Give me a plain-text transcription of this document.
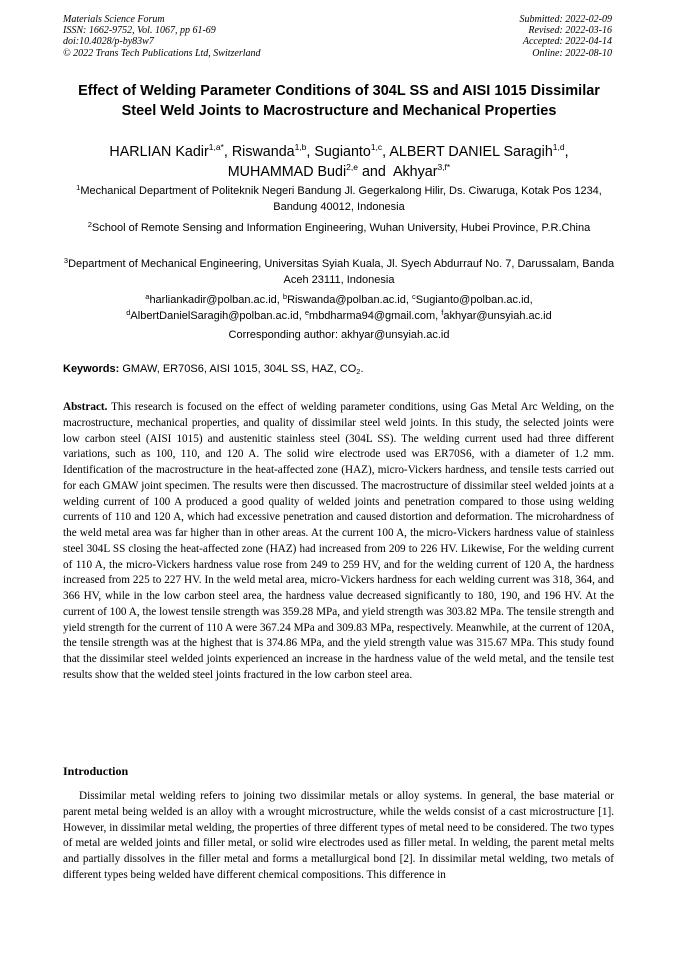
Materials Science Forum
ISSN: 1662-9752, Vol. 1067, pp 61-69
doi:10.4028/p-by83w7
© 2022 Trans Tech Publications Ltd, Switzerland
Submitted: 2022-02-09
Revised: 2022-03-16
Accepted: 2022-04-14
Online: 2022-08-10
Effect of Welding Parameter Conditions of 304L SS and AISI 1015 Dissimilar Steel Weld Joints to Macrostructure and Mechanical Properties
HARLIAN Kadir$^{1,a*}$, Riswanda$^{1,b}$, Sugianto$^{1,c}$, ALBERT DANIEL Saragih$^{1,d}$,
MUHAMMAD Budi$^{2,e}$ and  Akhyar$^{3,f*}$
$^1$Mechanical Department of Politeknik Negeri Bandung Jl. Gegerkalong Hilir, Ds. Ciwaruga, Kotak Pos 1234, Bandung 40012, Indonesia
$^2$School of Remote Sensing and Information Engineering, Wuhan University, Hubei Province, P.R.China
$^3$Department of Mechanical Engineering, Universitas Syiah Kuala, Jl. Syech Abdurrauf No. 7, Darussalam, Banda Aceh 23111, Indonesia
$^a$harliankadir@polban.ac.id, $^b$Riswanda@polban.ac.id, $^c$Sugianto@polban.ac.id,
$^d$AlbertDanielSaragih@polban.ac.id, $^e$mbdharma94@gmail.com, $^f$akhyar@unsyiah.ac.id
Corresponding author: akhyar@unsyiah.ac.id
Keywords: GMAW, ER70S6, AISI 1015, 304L SS, HAZ, $CO_2$.

Abstract. This research is focused on the effect of welding parameter conditions, using Gas Metal Arc Welding, on the macrostructure, mechanical properties, and quality of dissimilar steel weld joints. In this study, the selected joints were low carbon steel (AISI 1015) and austenitic stainless steel (304L SS). The welding current used had three different variations, such as 100, 110, and 120 A. The solid wire electrode used was ER70S6, with a diameter of 1.2 mm. Identification of the macrostructure in the heat-affected zone (HAZ), micro-Vickers hardness, and tensile tests carried out for each GMAW joint specimen. The results were then discussed. The macrostructure of dissimilar steel welded joints at a welding current of 100 A produced a good quality of welded joints and penetration compared to those using welding currents of 110 and 120 A, which had excessive penetration and caused distortion and deformation. The microhardness of the weld metal area was far higher than in other areas. At the current 100 A, the micro-Vickers hardness value of stainless steel 304L SS closing the heat-affected zone (HAZ) had increased from 209 to 226 HV. Likewise, For the welding current of 110 A, the micro-Vickers hardness value rose from 249 to 259 HV, and for the welding current of 120 A, the hardness increased from 225 to 227 HV. In the weld metal area, micro-Vickers hardness for each welding current was 318, 364, and 366 HV, while in the low carbon steel area, the hardness value decreased significantly to 180, 190, and 196 HV. At the current of 100 A, the lowest tensile strength was 359.28 MPa, and yield strength was 303.82 MPa. The tensile strength and yield strength for the current of 110 A were 367.24 MPa and 309.83 MPa, respectively. Meanwhile, at the current of 120A, the tensile strength was at the highest that is 374.86 MPa, and the yield strength value was 315.67 MPa. This study found that the dissimilar steel welded joints experienced an increase in the hardness value of the weld metal, and the tensile test results show that the welded steel joints fractured in the low carbon steel area.

Introduction

Dissimilar metal welding refers to joining two dissimilar metals or alloy systems. In general, the base material or parent metal being welded is an alloy with a wrought microstructure, while the welds consist of a cast microstructure [1]. However, in dissimilar metal welding, the properties of three different types of metal need to be considered. The two types of metal are welded joints and filler metal, or solid wire electrodes used as filler metal. In welding, the parent metal melts and partially dissolves in the filler metal and forms a metallurgical bond [2]. In dissimilar metal welding, two metals of different types being welded have different chemical compositions. This difference in
